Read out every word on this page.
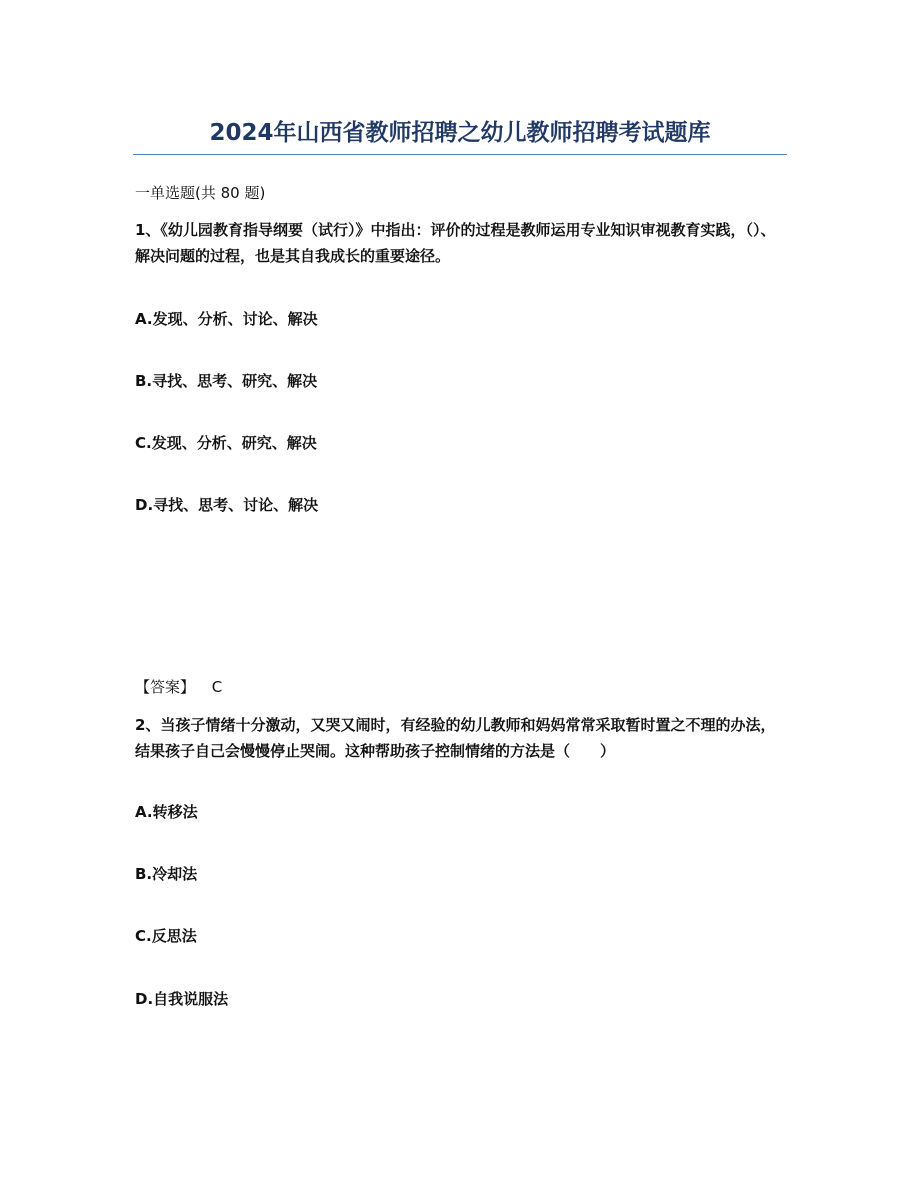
2024年山西省教师招聘之幼儿教师招聘考试题库
一单选题(共 80 题)
1、《幼儿园教育指导纲要（试行）》中指出：评价的过程是教师运用专业知识审视教育实践，（）、解决问题的过程，也是其自我成长的重要途径。
A.发现、分析、讨论、解决
B.寻找、思考、研究、解决
C.发现、分析、研究、解决
D.寻找、思考、讨论、解决
【答案】 C
2、当孩子情绪十分激动，又哭又闹时，有经验的幼儿教师和妈妈常常采取暂时置之不理的办法，结果孩子自己会慢慢停止哭闹。这种帮助孩子控制情绪的方法是（　　）
A.转移法
B.冷却法
C.反思法
D.自我说服法
